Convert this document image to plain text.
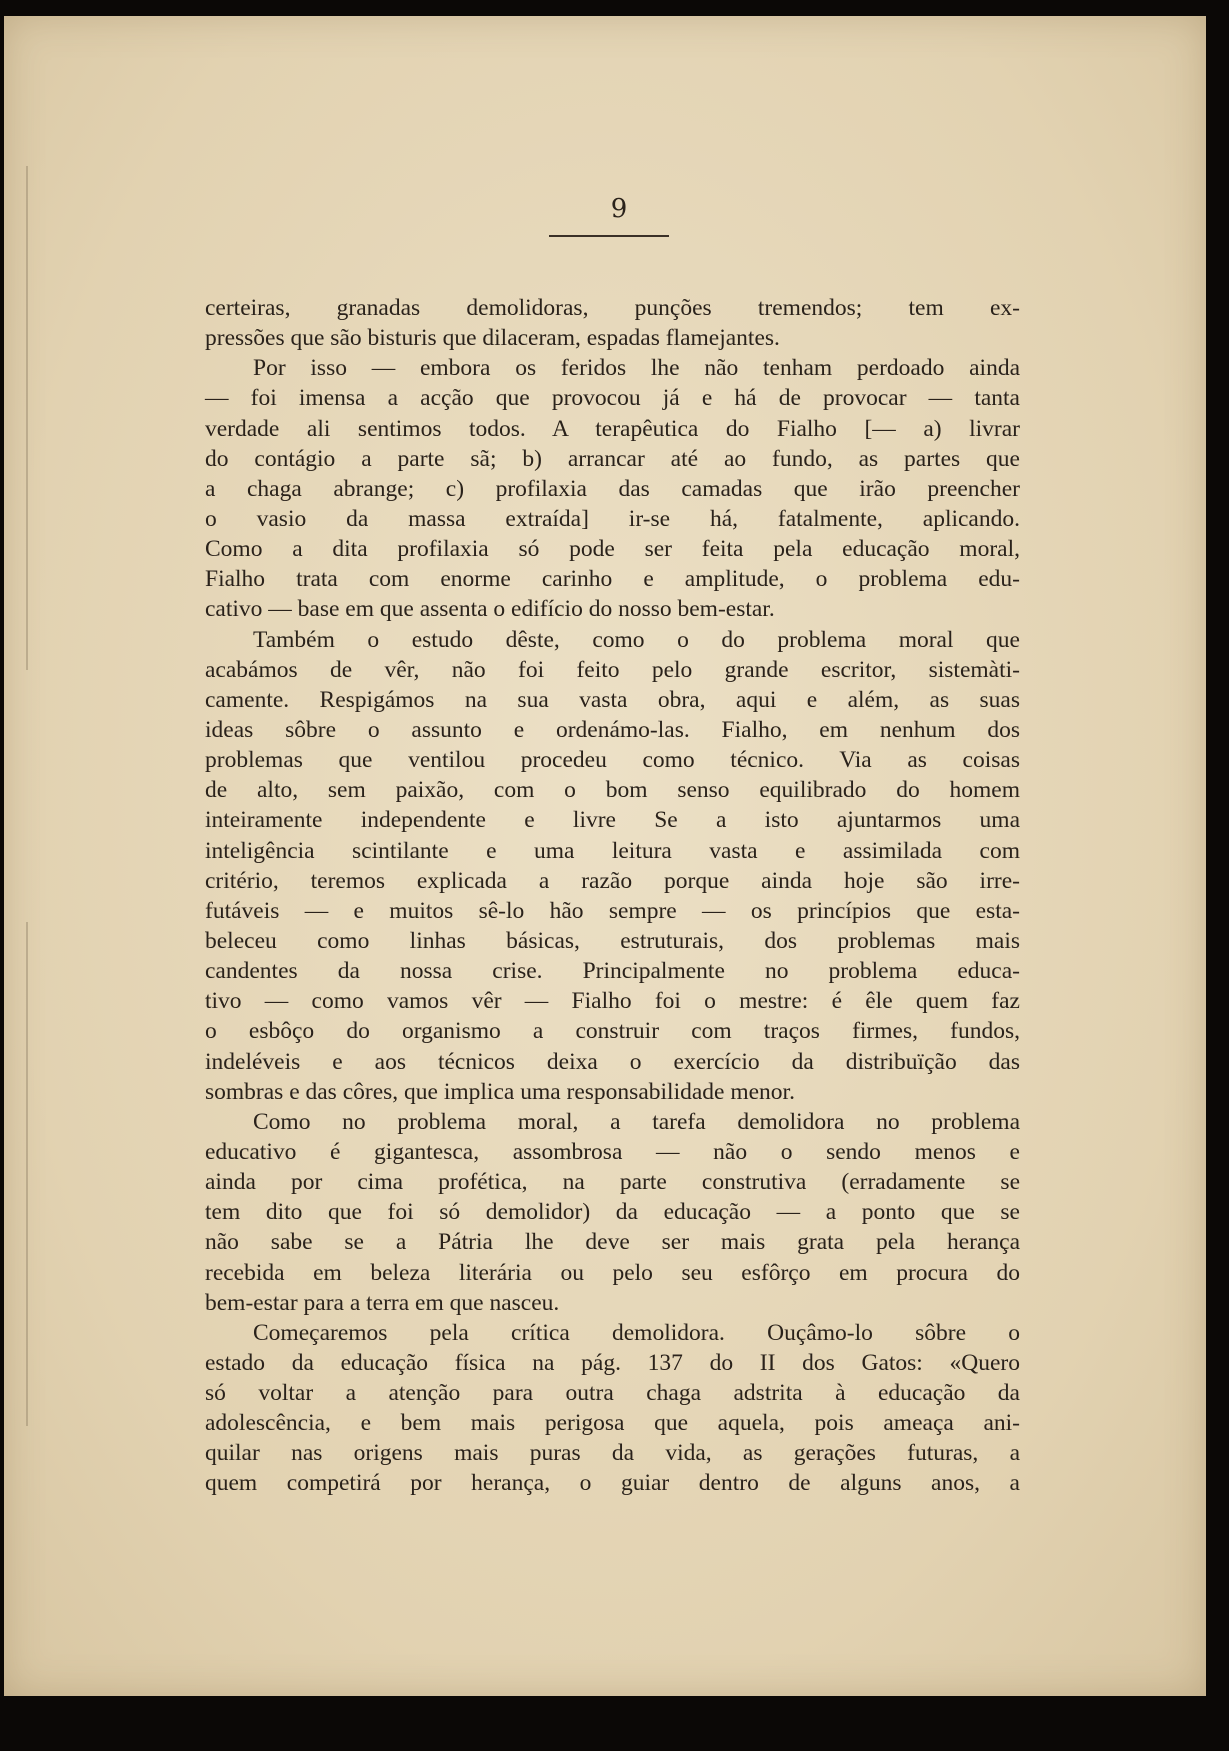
9
certeiras, granadas demolidoras, punções tremendos; tem ex-
pressões que são bisturis que dilaceram, espadas flamejantes.
Por isso — embora os feridos lhe não tenham perdoado ainda
— foi imensa a acção que provocou já e há de provocar — tanta
verdade ali sentimos todos. A terapêutica do Fialho [— a) livrar
do contágio a parte sã; b) arrancar até ao fundo, as partes que
a chaga abrange; c) profilaxia das camadas que irão preencher
o vasio da massa extraída] ir-se há, fatalmente, aplicando.
Como a dita profilaxia só pode ser feita pela educação moral,
Fialho trata com enorme carinho e amplitude, o problema edu-
cativo — base em que assenta o edifício do nosso bem-estar.
Também o estudo dêste, como o do problema moral que
acabámos de vêr, não foi feito pelo grande escritor, sistemàti-
camente. Respigámos na sua vasta obra, aqui e além, as suas
ideas sôbre o assunto e ordenámo-las. Fialho, em nenhum dos
problemas que ventilou procedeu como técnico. Via as coisas
de alto, sem paixão, com o bom senso equilibrado do homem
inteiramente independente e livre Se a isto ajuntarmos uma
inteligência scintilante e uma leitura vasta e assimilada com
critério, teremos explicada a razão porque ainda hoje são irre-
futáveis — e muitos sê-lo hão sempre — os princípios que esta-
beleceu como linhas básicas, estruturais, dos problemas mais
candentes da nossa crise. Principalmente no problema educa-
tivo — como vamos vêr — Fialho foi o mestre: é êle quem faz
o esbôço do organismo a construir com traços firmes, fundos,
indeléveis e aos técnicos deixa o exercício da distribuïção das
sombras e das côres, que implica uma responsabilidade menor.
Como no problema moral, a tarefa demolidora no problema
educativo é gigantesca, assombrosa — não o sendo menos e
ainda por cima profética, na parte construtiva (erradamente se
tem dito que foi só demolidor) da educação — a ponto que se
não sabe se a Pátria lhe deve ser mais grata pela herança
recebida em beleza literária ou pelo seu esfôrço em procura do
bem-estar para a terra em que nasceu.
Começaremos pela crítica demolidora. Ouçâmo-lo sôbre o
estado da educação física na pág. 137 do II dos Gatos: «Quero
só voltar a atenção para outra chaga adstrita à educação da
adolescência, e bem mais perigosa que aquela, pois ameaça ani-
quilar nas origens mais puras da vida, as gerações futuras, a
quem competirá por herança, o guiar dentro de alguns anos, a
